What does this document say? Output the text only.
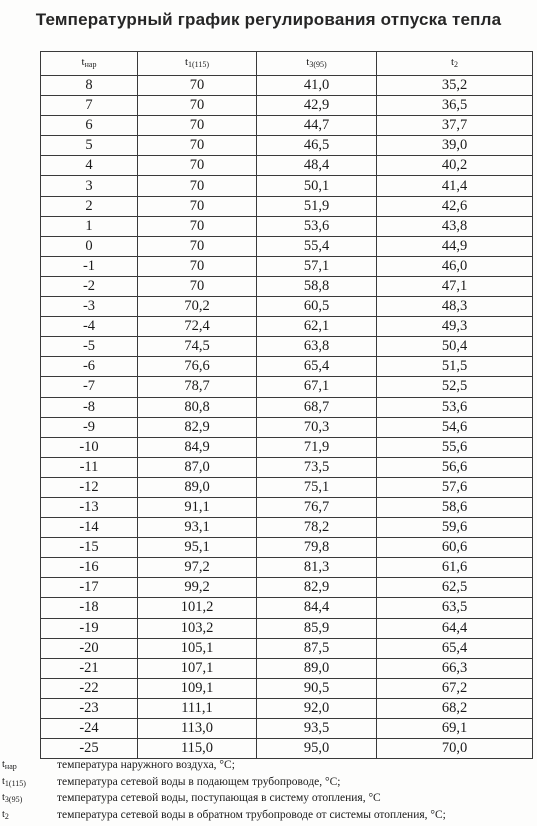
Температурный график регулирования отпуска тепла
$t_{нар}$	$t_{1(115)}$	$t_{3(95)}$	$t_2$
8	70	41,0	35,2
7	70	42,9	36,5
6	70	44,7	37,7
5	70	46,5	39,0
4	70	48,4	40,2
3	70	50,1	41,4
2	70	51,9	42,6
1	70	53,6	43,8
0	70	55,4	44,9
-1	70	57,1	46,0
-2	70	58,8	47,1
-3	70,2	60,5	48,3
-4	72,4	62,1	49,3
-5	74,5	63,8	50,4
-6	76,6	65,4	51,5
-7	78,7	67,1	52,5
-8	80,8	68,7	53,6
-9	82,9	70,3	54,6
-10	84,9	71,9	55,6
-11	87,0	73,5	56,6
-12	89,0	75,1	57,6
-13	91,1	76,7	58,6
-14	93,1	78,2	59,6
-15	95,1	79,8	60,6
-16	97,2	81,3	61,6
-17	99,2	82,9	62,5
-18	101,2	84,4	63,5
-19	103,2	85,9	64,4
-20	105,1	87,5	65,4
-21	107,1	89,0	66,3
-22	109,1	90,5	67,2
-23	111,1	92,0	68,2
-24	113,0	93,5	69,1
-25	115,0	95,0	70,0
$t_{нар}$	температура наружного воздуха, °С;
$t_{1(115)}$	температура сетевой воды в подающем трубопроводе, °С;
$t_{3(95)}$	температура сетевой воды, поступающая в систему отопления, °С
$t_2$	температура сетевой воды в обратном трубопроводе от системы отопления, °С;
